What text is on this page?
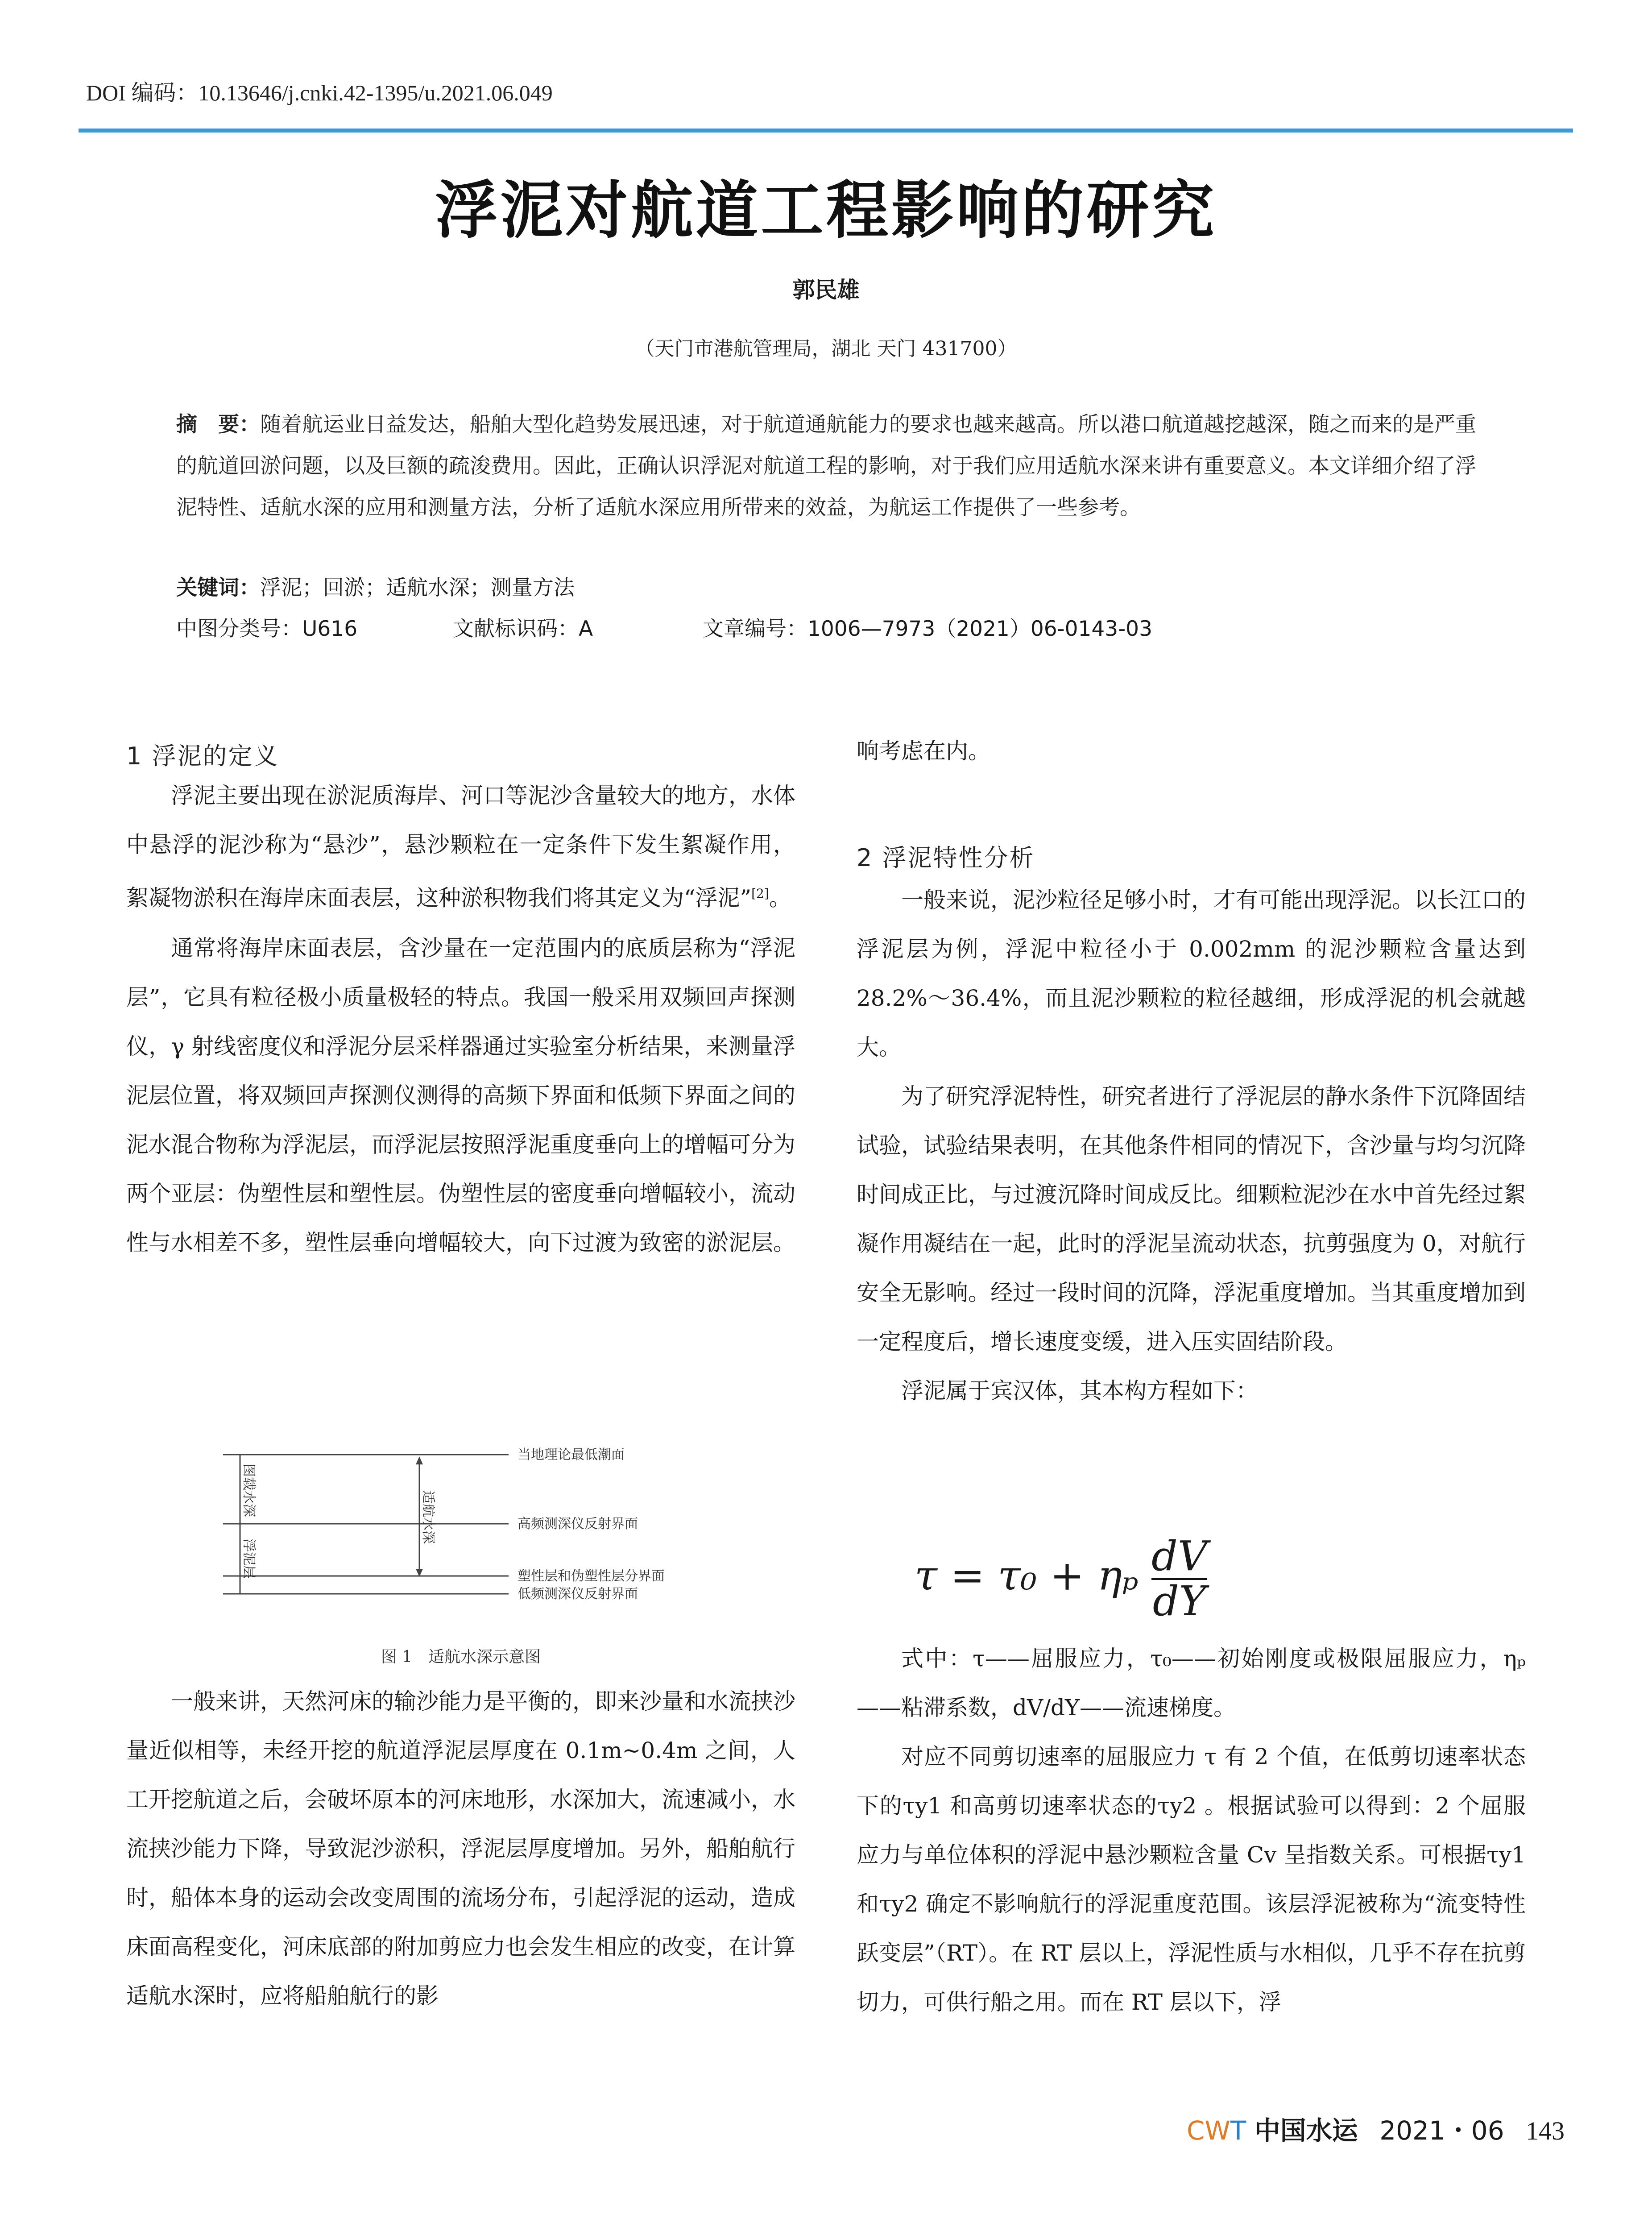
DOI 编码：10.13646/j.cnki.42-1395/u.2021.06.049
浮泥对航道工程影响的研究
郭民雄
（天门市港航管理局，湖北 天门 431700）
摘　要：随着航运业日益发达，船舶大型化趋势发展迅速，对于航道通航能力的要求也越来越高。所以港口航道越挖越深，随之而来的是严重的航道回淤问题，以及巨额的疏浚费用。因此，正确认识浮泥对航道工程的影响，对于我们应用适航水深来讲有重要意义。本文详细介绍了浮泥特性、适航水深的应用和测量方法，分析了适航水深应用所带来的效益，为航运工作提供了一些参考。
关键词：浮泥；回淤；适航水深；测量方法
中图分类号：U616	文献标识码：A	文章编号：1006—7973（2021）06-0143-03
1 浮泥的定义

浮泥主要出现在淤泥质海岸、河口等泥沙含量较大的地方，水体中悬浮的泥沙称为“悬沙”，悬沙颗粒在一定条件下发生絮凝作用，絮凝物淤积在海岸床面表层，这种淤积物我们将其定义为“浮泥”[2]。

通常将海岸床面表层，含沙量在一定范围内的底质层称为“浮泥层”，它具有粒径极小质量极轻的特点。我国一般采用双频回声探测仪，γ 射线密度仪和浮泥分层采样器通过实验室分析结果，来测量浮泥层位置，将双频回声探测仪测得的高频下界面和低频下界面之间的泥水混合物称为浮泥层，而浮泥层按照浮泥重度垂向上的增幅可分为两个亚层：伪塑性层和塑性层。伪塑性层的密度垂向增幅较小，流动性与水相差不多，塑性层垂向增幅较大，向下过渡为致密的淤泥层。

当地理论最低潮面
高频测深仪反射界面
塑性层和伪塑性层分界面
低频测深仪反射界面
图载水深
浮泥层
适航水深
图 1　适航水深示意图

一般来讲，天然河床的输沙能力是平衡的，即来沙量和水流挟沙量近似相等，未经开挖的航道浮泥层厚度在 0.1m~0.4m 之间，人工开挖航道之后，会破坏原本的河床地形，水深加大，流速减小，水流挟沙能力下降，导致泥沙淤积，浮泥层厚度增加。另外，船舶航行时，船体本身的运动会改变周围的流场分布，引起浮泥的运动，造成床面高程变化，河床底部的附加剪应力也会发生相应的改变，在计算适航水深时，应将船舶航行的影

响考虑在内。

2 浮泥特性分析

一般来说，泥沙粒径足够小时，才有可能出现浮泥。以长江口的浮泥层为例，浮泥中粒径小于 0.002mm 的泥沙颗粒含量达到 28.2%～36.4%，而且泥沙颗粒的粒径越细，形成浮泥的机会就越大。

为了研究浮泥特性，研究者进行了浮泥层的静水条件下沉降固结试验，试验结果表明，在其他条件相同的情况下，含沙量与均匀沉降时间成正比，与过渡沉降时间成反比。细颗粒泥沙在水中首先经过絮凝作用凝结在一起，此时的浮泥呈流动状态，抗剪强度为 0，对航行安全无影响。经过一段时间的沉降，浮泥重度增加。当其重度增加到一定程度后，增长速度变缓，进入压实固结阶段。

浮泥属于宾汉体，其本构方程如下：

τ = τ₀ + ηₚ $\frac{dV}{dY}$

式中：τ——屈服应力，τ₀——初始刚度或极限屈服应力，ηₚ——粘滞系数，dV/dY——流速梯度。

对应不同剪切速率的屈服应力 τ 有 2 个值，在低剪切速率状态下的τy1 和高剪切速率状态的τy2 。根据试验可以得到：2 个屈服应力与单位体积的浮泥中悬沙颗粒含量 Cv 呈指数关系。可根据τy1 和τy2 确定不影响航行的浮泥重度范围。该层浮泥被称为“流变特性跃变层”（RT）。在 RT 层以上，浮泥性质与水相似，几乎不存在抗剪切力，可供行船之用。而在 RT 层以下，浮

CWT 中国水运 2021・06 143
